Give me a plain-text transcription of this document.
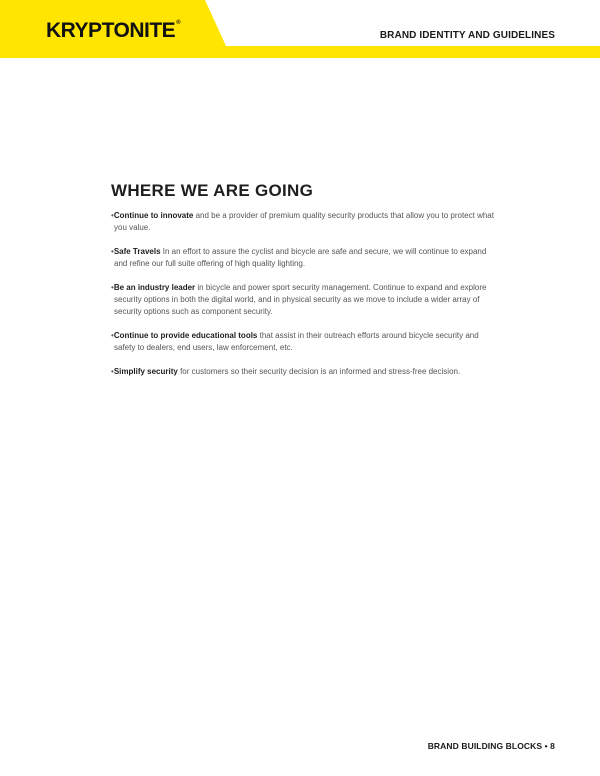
KRYPTONITE®
BRAND IDENTITY AND GUIDELINES
WHERE WE ARE GOING

•Continue to innovate and be a provider of premium quality security products that allow you to protect what you value.

•Safe Travels In an effort to assure the cyclist and bicycle are safe and secure, we will continue to expand and refine our full suite offering of high quality lighting.

•Be an industry leader in bicycle and power sport security management. Continue to expand and explore security options in both the digital world, and in physical security as we move to include a wider array of security options such as component security.

•Continue to provide educational tools that assist in their outreach efforts around bicycle security and safety to dealers, end users, law enforcement, etc.

•Simplify security for customers so their security decision is an informed and stress-free decision.

BRAND BUILDING BLOCKS • 8
